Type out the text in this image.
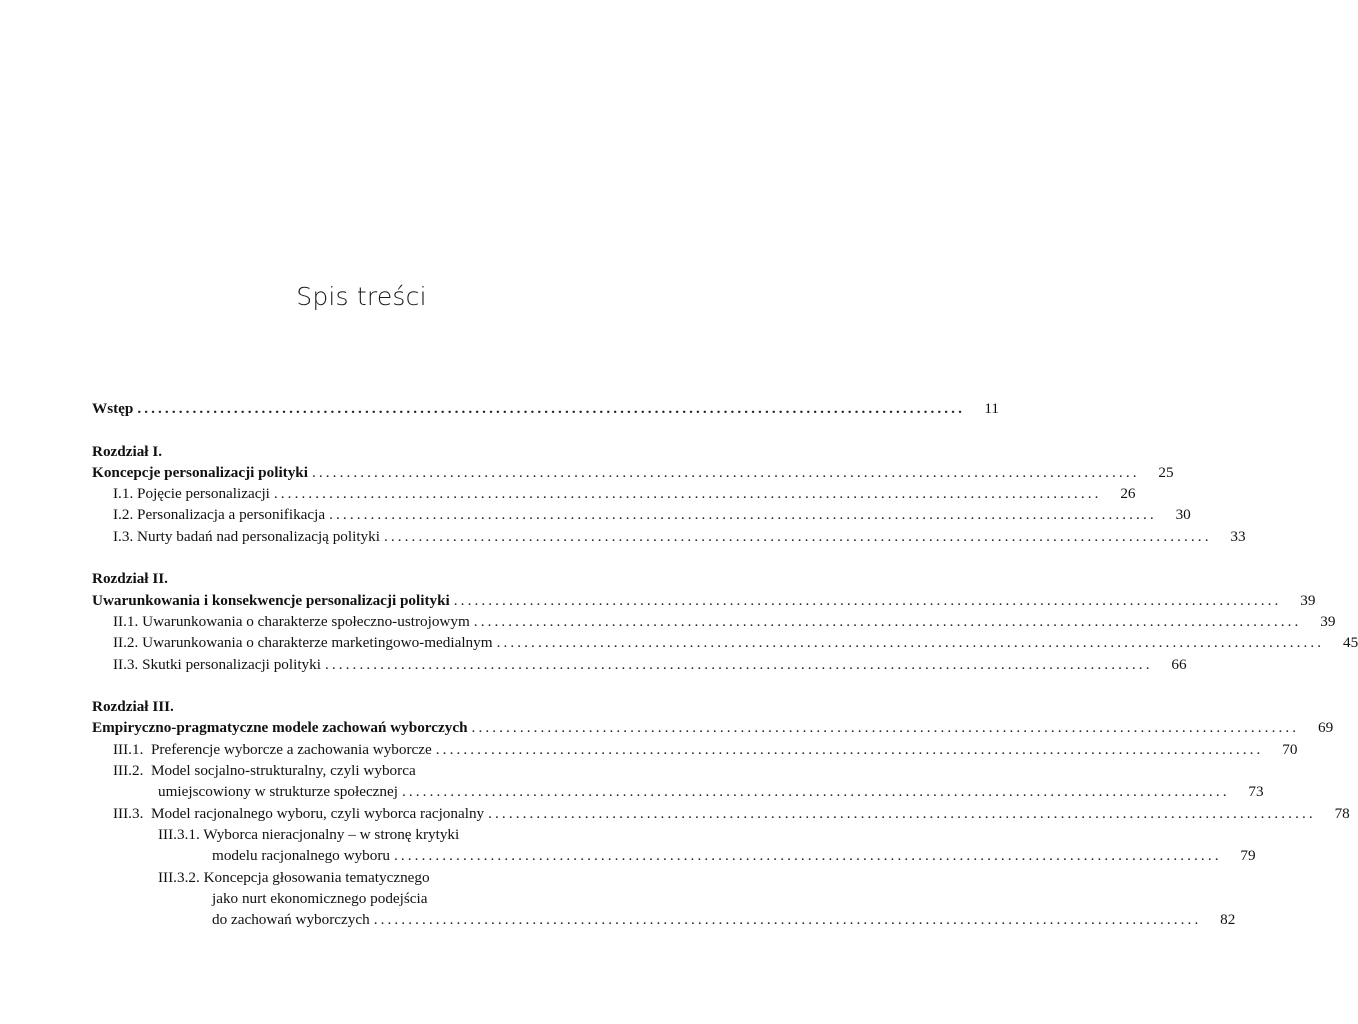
Spis treści
Wstęp ........................................................................................................................	11
Rozdział I.
Koncepcje personalizacji polityki ........................................................................................................................	25
I.1. Pojęcie personalizacji ........................................................................................................................	26
I.2. Personalizacja a personifikacja ........................................................................................................................	30
I.3. Nurty badań nad personalizacją polityki ........................................................................................................................	33
Rozdział II.
Uwarunkowania i konsekwencje personalizacji polityki ........................................................................................................................	39
II.1. Uwarunkowania o charakterze społeczno-ustrojowym ........................................................................................................................	39
II.2. Uwarunkowania o charakterze marketingowo-medialnym ........................................................................................................................	45
II.3. Skutki personalizacji polityki ........................................................................................................................	66
Rozdział III.
Empiryczno-pragmatyczne modele zachowań wyborczych ........................................................................................................................	69
III.1. Preferencje wyborcze a zachowania wyborcze ........................................................................................................................	70
III.2. Model socjalno-strukturalny, czyli wyborca
umiejscowiony w strukturze społecznej ........................................................................................................................	73
III.3. Model racjonalnego wyboru, czyli wyborca racjonalny ........................................................................................................................	78
III.3.1. Wyborca nieracjonalny – w stronę krytyki
modelu racjonalnego wyboru ........................................................................................................................	79
III.3.2. Koncepcja głosowania tematycznego
jako nurt ekonomicznego podejścia
do zachowań wyborczych ........................................................................................................................	82
